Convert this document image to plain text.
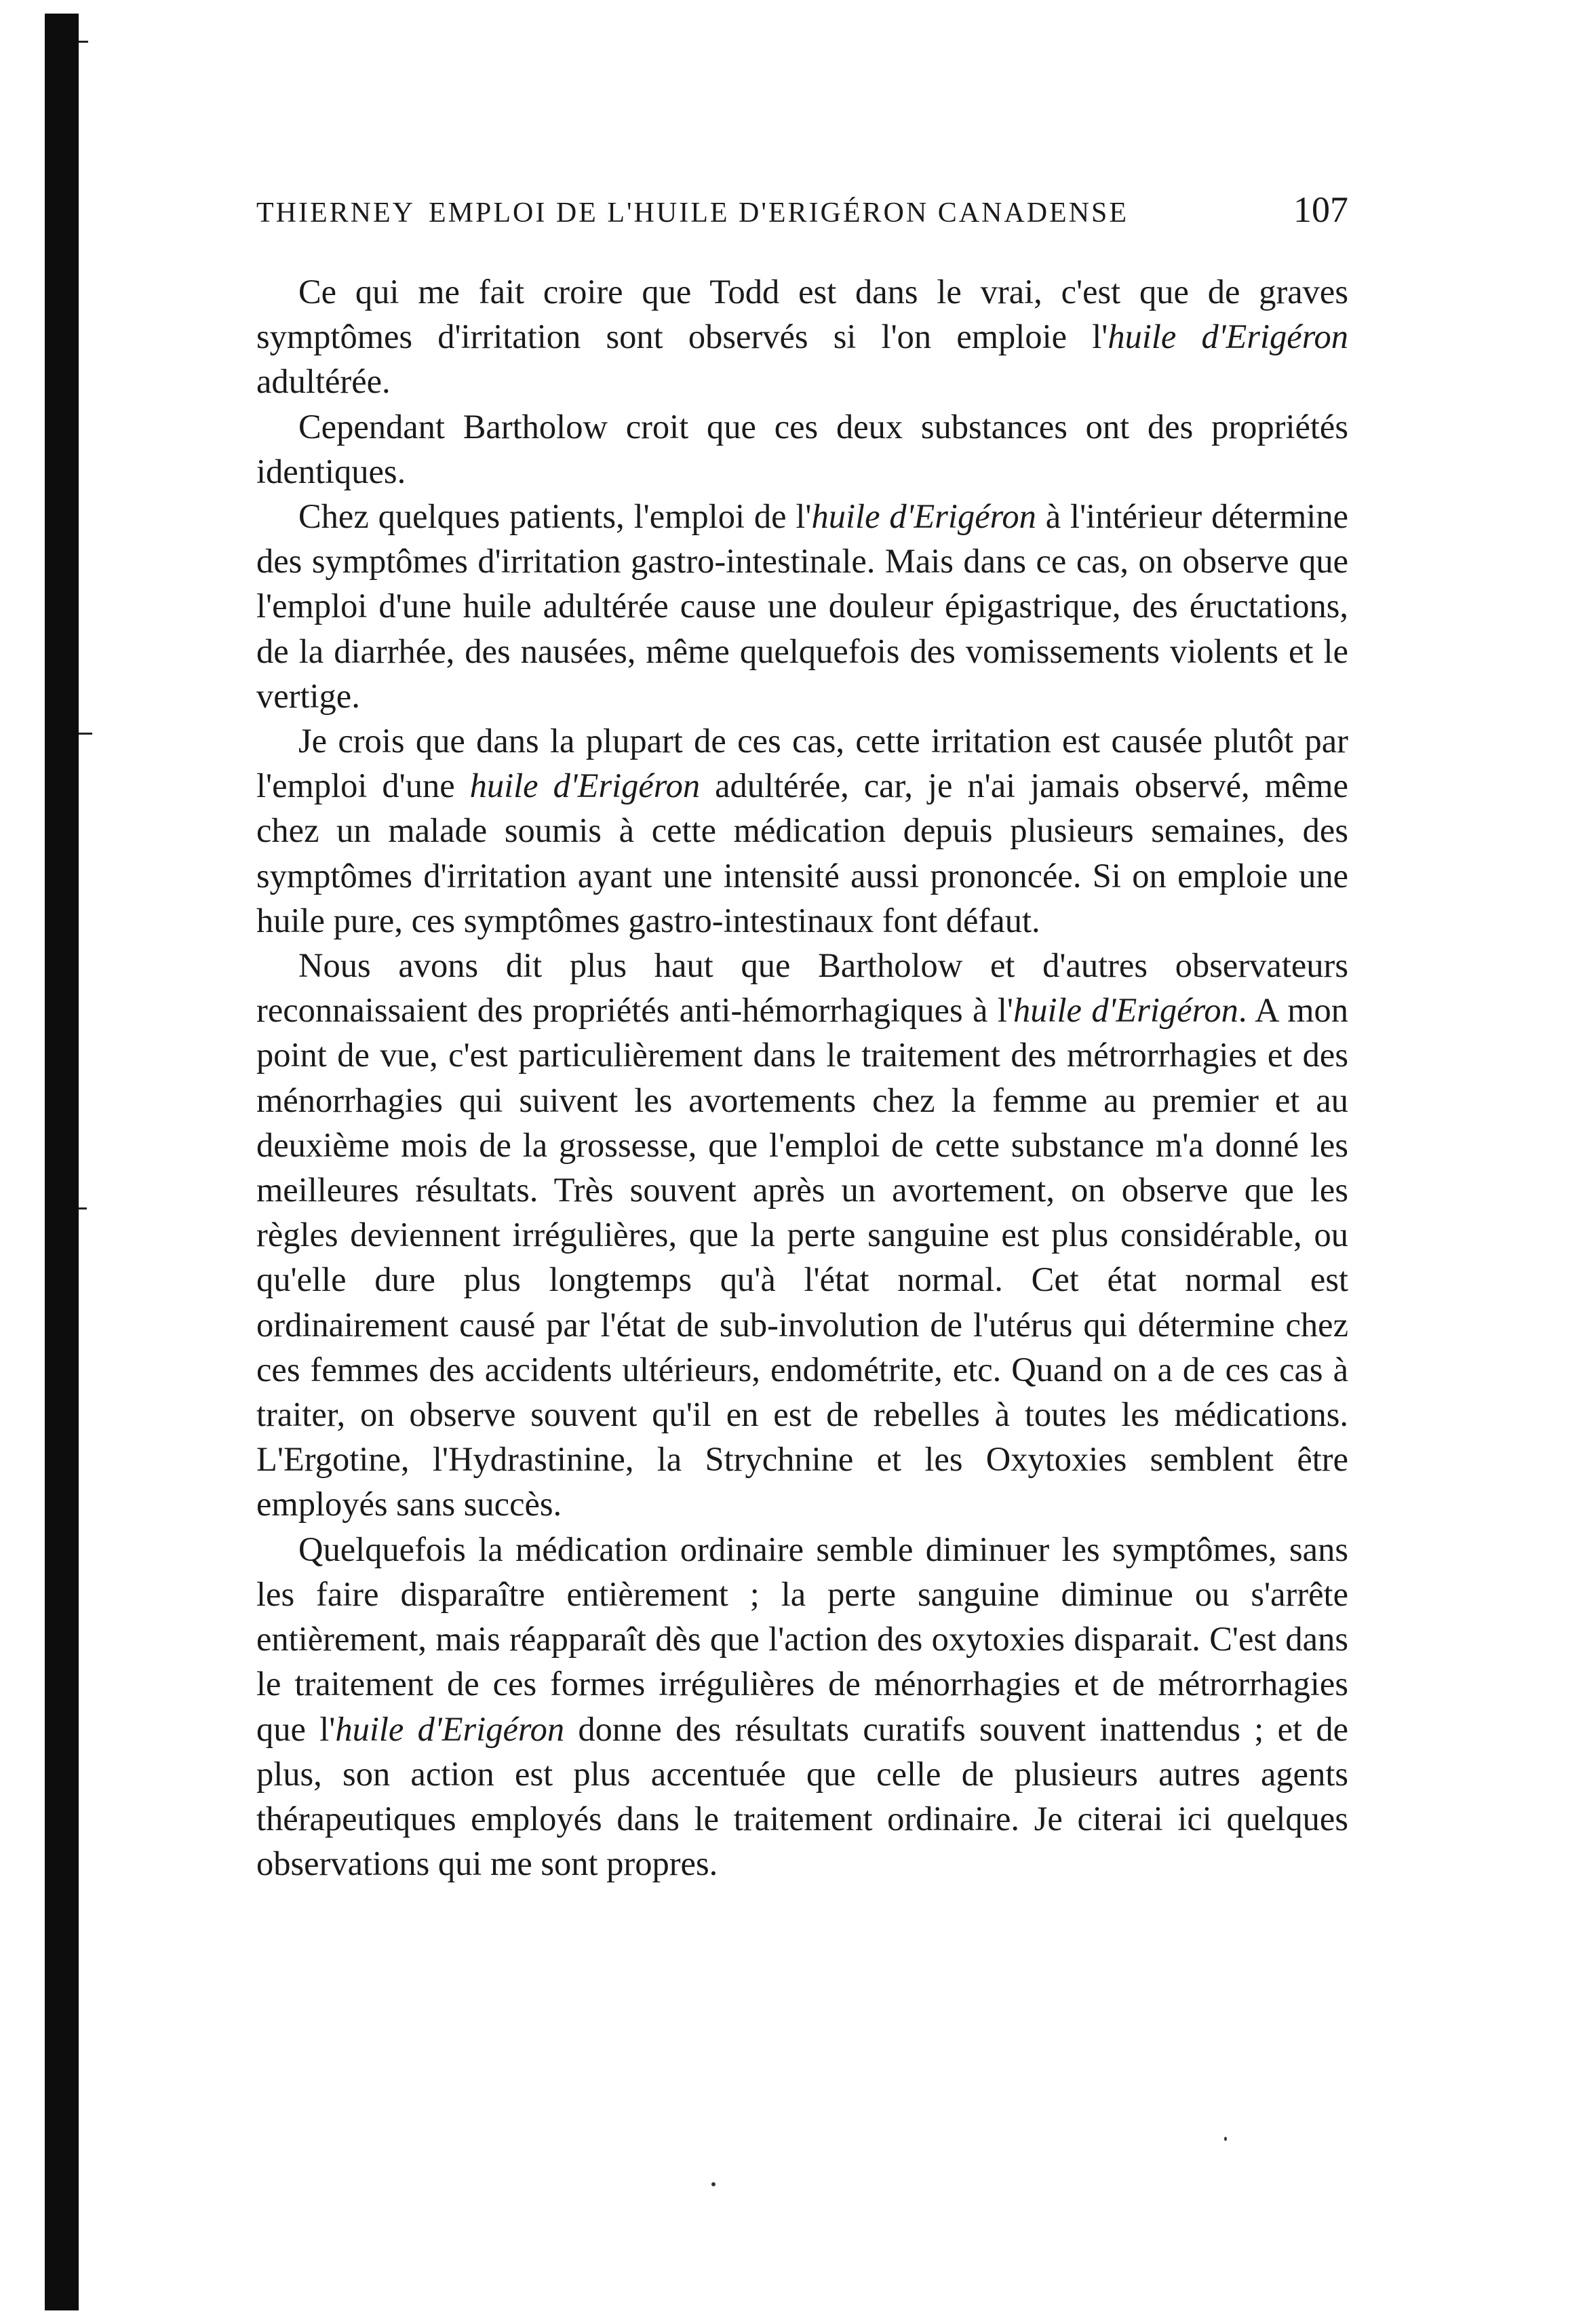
THIERNEY EMPLOI DE L'HUILE D'ERIGÉRON CANADENSE	107

Ce qui me fait croire que Todd est dans le vrai, c'est que de graves symptômes d'irritation sont observés si l'on emploie l'huile d'Erigéron adultérée.

Cependant Bartholow croit que ces deux substances ont des propriétés identiques.

Chez quelques patients, l'emploi de l'huile d'Erigéron à l'intérieur détermine des symptômes d'irritation gastro-intestinale. Mais dans ce cas, on observe que l'emploi d'une huile adultérée cause une douleur épigastrique, des éructations, de la diarrhée, des nausées, même quelquefois des vomissements violents et le vertige.

Je crois que dans la plupart de ces cas, cette irritation est causée plutôt par l'emploi d'une huile d'Erigéron adultérée, car, je n'ai jamais observé, même chez un malade soumis à cette médication depuis plusieurs semaines, des symptômes d'irritation ayant une intensité aussi prononcée. Si on emploie une huile pure, ces symptômes gastro-intestinaux font défaut.

Nous avons dit plus haut que Bartholow et d'autres observateurs reconnaissaient des propriétés anti-hémorrhagiques à l'huile d'Erigéron. A mon point de vue, c'est particulièrement dans le traitement des métrorrhagies et des ménorrhagies qui suivent les avortements chez la femme au premier et au deuxième mois de la grossesse, que l'emploi de cette substance m'a donné les meilleures résultats. Très souvent après un avortement, on observe que les règles deviennent irrégulières, que la perte sanguine est plus considérable, ou qu'elle dure plus longtemps qu'à l'état normal. Cet état normal est ordinairement causé par l'état de sub-involution de l'utérus qui détermine chez ces femmes des accidents ultérieurs, endométrite, etc. Quand on a de ces cas à traiter, on observe souvent qu'il en est de rebelles à toutes les médications. L'Ergotine, l'Hydrastinine, la Strychnine et les Oxytoxies semblent être employés sans succès.

Quelquefois la médication ordinaire semble diminuer les symptômes, sans les faire disparaître entièrement ; la perte sanguine diminue ou s'arrête entièrement, mais réapparaît dès que l'action des oxytoxies disparait. C'est dans le traitement de ces formes irrégulières de ménorrhagies et de métrorrhagies que l'huile d'Erigéron donne des résultats curatifs souvent inattendus ; et de plus, son action est plus accentuée que celle de plusieurs autres agents thérapeutiques employés dans le traitement ordinaire. Je citerai ici quelques observations qui me sont propres.
